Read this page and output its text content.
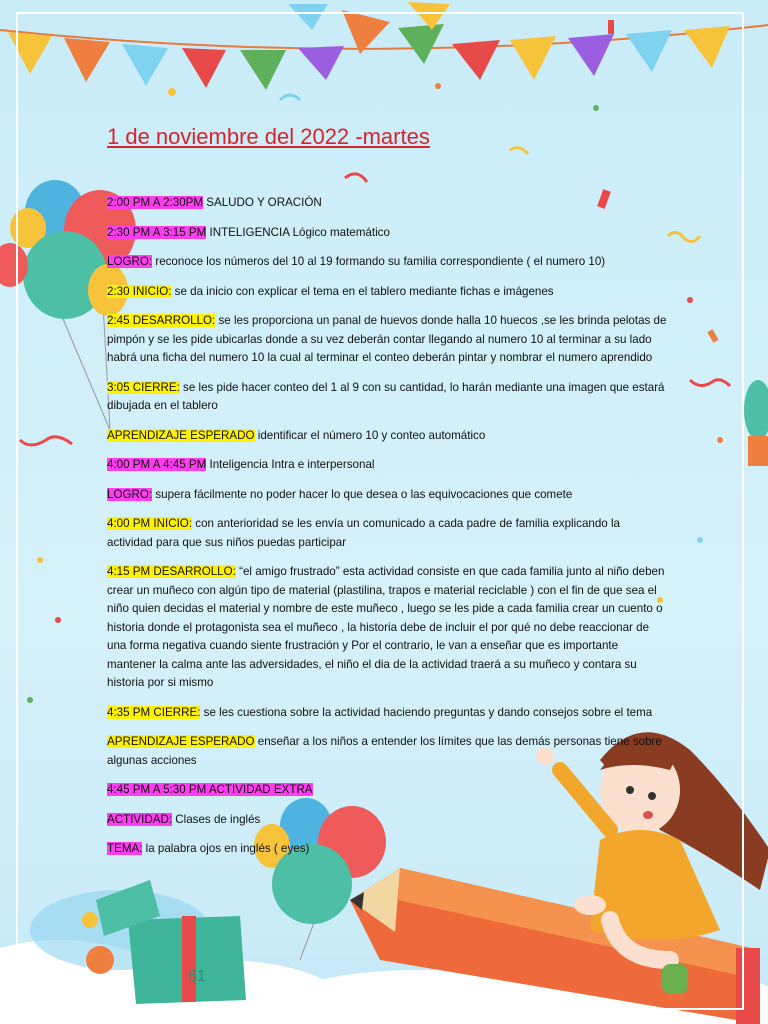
61
1 de noviembre del 2022 -martes

2:00 PM A 2:30PM SALUDO Y ORACIÓN

2:30 PM A 3:15 PM INTELIGENCIA Lógico matemático

LOGRO: reconoce los números del 10 al 19 formando su familia correspondiente ( el numero 10)

2:30 INICIO: se da inicio con explicar el tema en el tablero mediante fichas e imágenes

2:45 DESARROLLO: se les proporciona un panal de huevos donde halla 10 huecos ,se les brinda pelotas de pimpón y se les pide ubicarlas donde a su vez deberán contar llegando al numero 10 al terminar a su lado habrá una ficha del numero 10 la cual al terminar el conteo deberán pintar y nombrar el numero aprendido

3:05 CIERRE: se les pide hacer conteo del 1 al 9 con su cantidad, lo harán mediante una imagen que estará dibujada en el tablero

APRENDIZAJE ESPERADO identificar el número 10 y conteo automático

4:00 PM A 4:45 PM Inteligencia Intra e interpersonal

LOGRO: supera fácilmente no poder hacer lo que desea o las equivocaciones que comete

4:00 PM INICIO: con anterioridad se les envía un comunicado a cada padre de familia explicando la actividad para que sus niños puedas participar

4:15 PM DESARROLLO: “el amigo frustrado” esta actividad consiste en que cada familia junto al niño deben crear un muñeco con algún tipo de material (plastilina, trapos e material reciclable ) con el fin de que sea el niño quien decidas el material y nombre de este muñeco , luego se les pide a cada familia crear un cuento o historia donde el protagonista sea el muñeco , la historia debe de incluir el por qué no debe reaccionar de una forma negativa cuando siente frustración y Por el contrario, le van a enseñar que es importante mantener la calma ante las adversidades, el niño el dia de la actividad traerá a su muñeco y contara su historia por si mismo

4:35 PM CIERRE: se les cuestiona sobre la actividad haciendo preguntas y dando consejos sobre el tema

APRENDIZAJE ESPERADO enseñar a los niños a entender los límites que las demás personas tiene sobre algunas acciones

4:45 PM A 5:30 PM ACTIVIDAD EXTRA

ACTIVIDAD: Clases de inglés

TEMA: la palabra ojos en inglés ( eyes)
